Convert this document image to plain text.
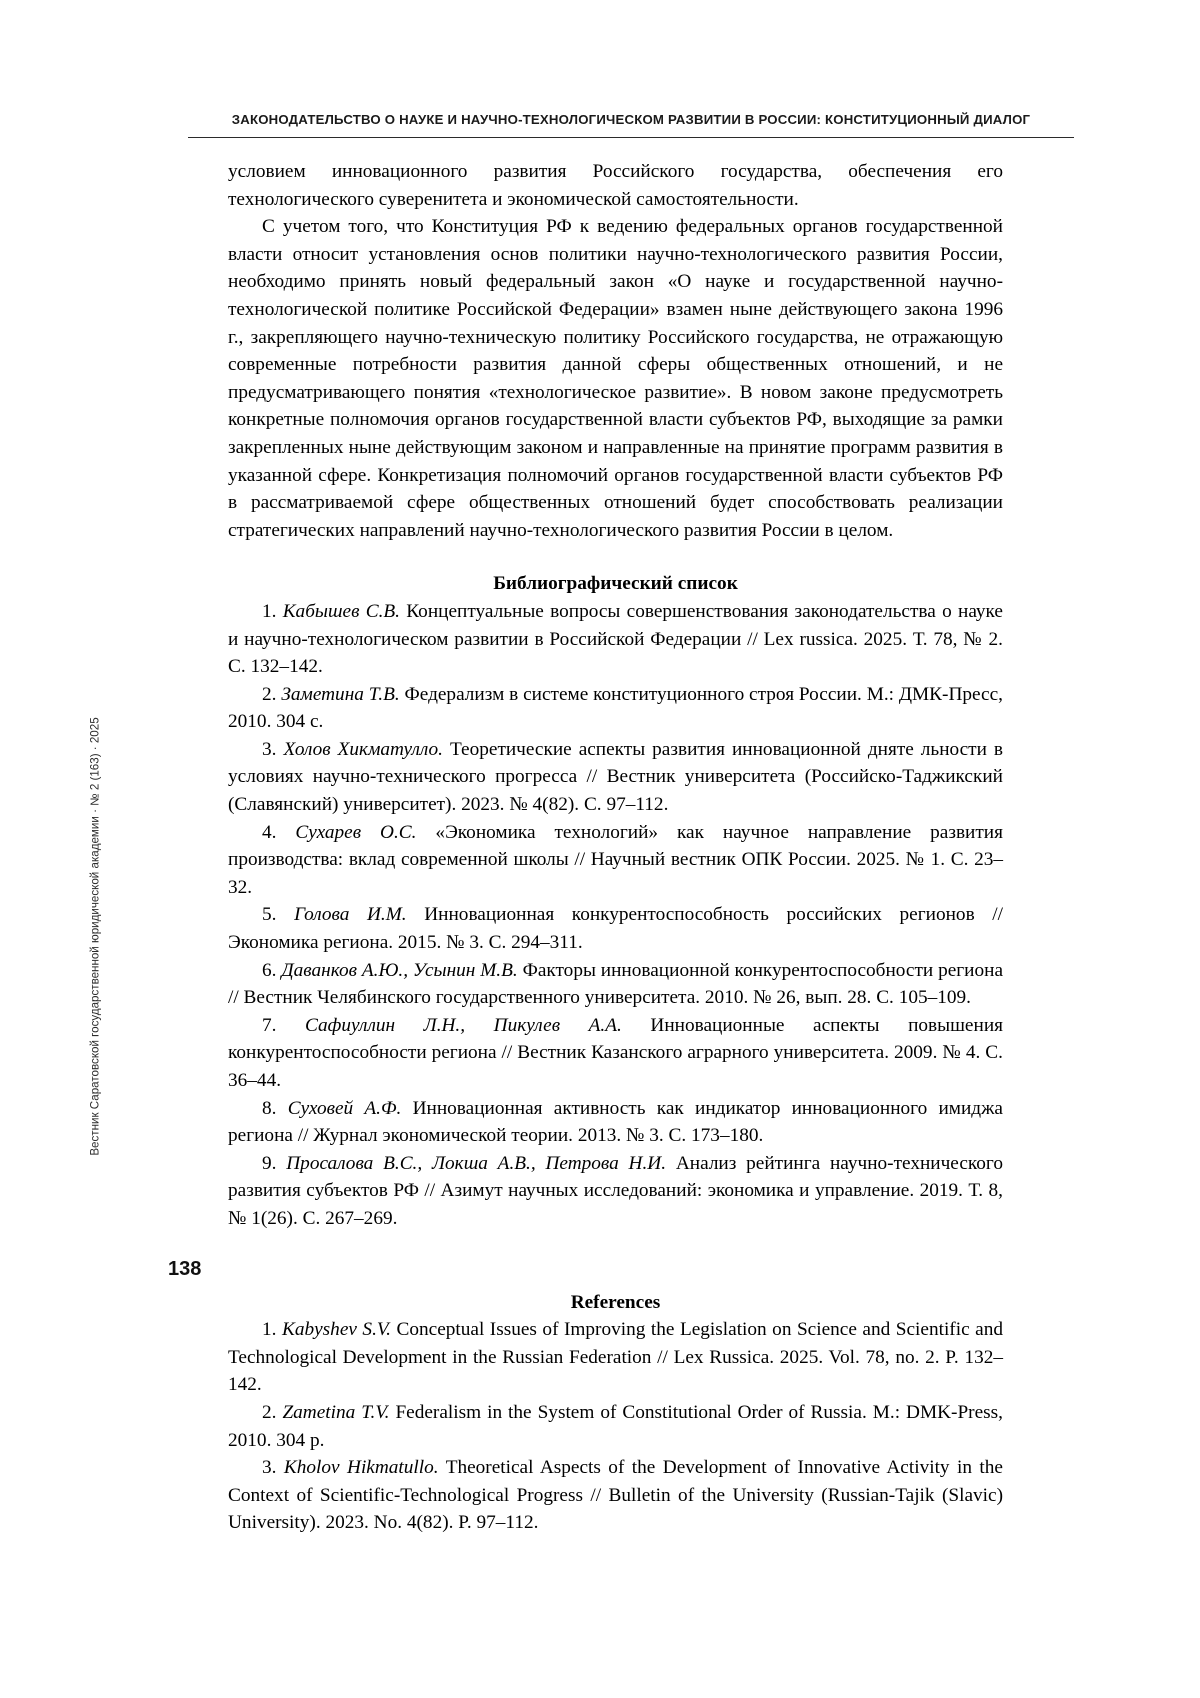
ЗАКОНОДАТЕЛЬСТВО О НАУКЕ И НАУЧНО-ТЕХНОЛОГИЧЕСКОМ РАЗВИТИИ В РОССИИ: КОНСТИТУЦИОННЫЙ ДИАЛОГ
Вестник Саратовской государственной юридической академии · № 2 (163) · 2025
138

условием инновационного развития Российского государства, обеспечения его технологического суверенитета и экономической самостоятельности.

С учетом того, что Конституция РФ к ведению федеральных органов государственной власти относит установления основ политики научно-технологического развития России, необходимо принять новый федеральный закон «О науке и государственной научно-технологической политике Российской Федерации» взамен ныне действующего закона 1996 г., закрепляющего научно-техническую политику Российского государства, не отражающую современные потребности развития данной сферы общественных отношений, и не предусматривающего понятия «технологическое развитие». В новом законе предусмотреть конкретные полномочия органов государственной власти субъектов РФ, выходящие за рамки закрепленных ныне действующим законом и направленные на принятие программ развития в указанной сфере. Конкретизация полномочий органов государственной власти субъектов РФ в рассматриваемой сфере общественных отношений будет способствовать реализации стратегических направлений научно-технологического развития России в целом.

Библиографический список

1. Кабышев С.В. Концептуальные вопросы совершенствования законодательства о науке и научно-технологическом развитии в Российской Федерации // Lex russica. 2025. Т. 78, № 2. С. 132–142.

2. Заметина Т.В. Федерализм в системе конституционного строя России. М.: ДМК-Пресс, 2010. 304 с.

3. Холов Хикматулло. Теоретические аспекты развития инновационной дняте льности в условиях научно-технического прогресса // Вестник университета (Российско-Таджикский (Славянский) университет). 2023. № 4(82). С. 97–112.

4. Сухарев О.С. «Экономика технологий» как научное направление развития производства: вклад современной школы // Научный вестник ОПК России. 2025. № 1. С. 23–32.

5. Голова И.М. Инновационная конкурентоспособность российских регионов // Экономика региона. 2015. № 3. С. 294–311.

6. Даванков А.Ю., Усынин М.В. Факторы инновационной конкурентоспособности региона // Вестник Челябинского государственного университета. 2010. № 26, вып. 28. С. 105–109.

7. Сафиуллин Л.Н., Пикулев А.А. Инновационные аспекты повышения конкурентоспособности региона // Вестник Казанского аграрного университета. 2009. № 4. С. 36–44.

8. Суховей А.Ф. Инновационная активность как индикатор инновационного имиджа региона // Журнал экономической теории. 2013. № 3. С. 173–180.

9. Просалова В.С., Локша А.В., Петрова Н.И. Анализ рейтинга научно-технического развития субъектов РФ // Азимут научных исследований: экономика и управление. 2019. Т. 8, № 1(26). С. 267–269.

References

1. Kabyshev S.V. Conceptual Issues of Improving the Legislation on Science and Scientific and Technological Development in the Russian Federation // Lex Russica. 2025. Vol. 78, no. 2. P. 132–142.

2. Zametina T.V. Federalism in the System of Constitutional Order of Russia. M.: DMK-Press, 2010. 304 p.

3. Kholov Hikmatullo. Theoretical Aspects of the Development of Innovative Activity in the Context of Scientific-Technological Progress // Bulletin of the University (Russian-Tajik (Slavic) University). 2023. No. 4(82). P. 97–112.
